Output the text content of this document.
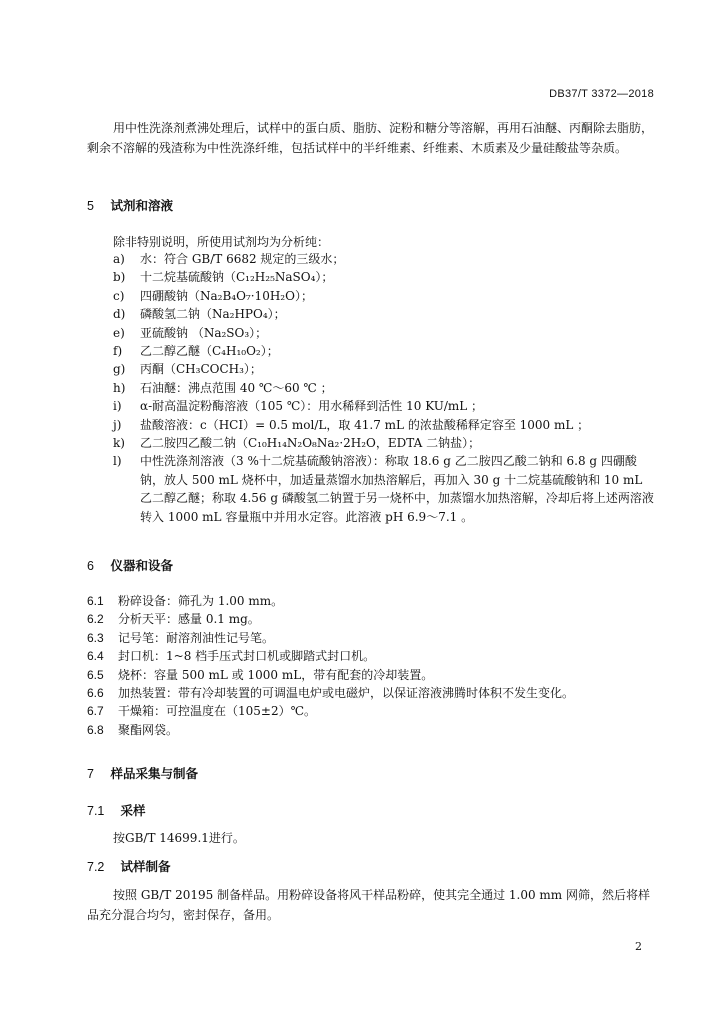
DB37/T 3372—2018
用中性洗涤剂煮沸处理后，试样中的蛋白质、脂肪、淀粉和糖分等溶解，再用石油醚、丙酮除去脂肪，剩余不溶解的残渣称为中性洗涤纤维，包括试样中的半纤维素、纤维素、木质素及少量硅酸盐等杂质。
5 试剂和溶液
除非特别说明，所使用试剂均为分析纯：
a)	水：符合 GB/T 6682 规定的三级水；
b)	十二烷基硫酸钠（C₁₂H₂₅NaSO₄）；
c)	四硼酸钠（Na₂B₄O₇·10H₂O）；
d)	磷酸氢二钠（Na₂HPO₄）；
e)	亚硫酸钠 （Na₂SO₃）；
f)	乙二醇乙醚（C₄H₁₀O₂）；
g)	丙酮（CH₃COCH₃）；
h)	石油醚：沸点范围 40 ℃～60 ℃ ；
i)	α-耐高温淀粉酶溶液（105 ℃）：用水稀释到活性 10 KU/mL ；
j)	盐酸溶液：c（HCI）= 0.5 mol/L，取 41.7 mL 的浓盐酸稀释定容至 1000 mL ；
k)	乙二胺四乙酸二钠（C₁₀H₁₄N₂O₈Na₂·2H₂O，EDTA 二钠盐）；
l)	中性洗涤剂溶液（3 %十二烷基硫酸钠溶液）：称取 18.6 g 乙二胺四乙酸二钠和 6.8 g 四硼酸钠，放人 500 mL 烧杯中，加适量蒸馏水加热溶解后，再加入 30 g 十二烷基硫酸钠和 10 mL 乙二醇乙醚；称取 4.56 g 磷酸氢二钠置于另一烧杯中，加蒸馏水加热溶解，冷却后将上述两溶液转入 1000 mL 容量瓶中并用水定容。此溶液 pH 6.9～7.1 。
6 仪器和设备
6.1	粉碎设备：筛孔为 1.00 mm。
6.2	分析天平：感量 0.1 mg。
6.3	记号笔：耐溶剂油性记号笔。
6.4	封口机：1~8 档手压式封口机或脚踏式封口机。
6.5	烧杯：容量 500 mL 或 1000 mL，带有配套的冷却装置。
6.6	加热装置：带有冷却装置的可调温电炉或电磁炉，以保证溶液沸腾时体积不发生变化。
6.7	干燥箱：可控温度在（105±2）℃。
6.8	聚酯网袋。
7 样品采集与制备
7.1 采样
按GB/T 14699.1进行。
7.2 试样制备
按照 GB/T 20195 制备样品。用粉碎设备将风干样品粉碎，使其完全通过 1.00 mm 网筛，然后将样品充分混合均匀，密封保存，备用。
2
